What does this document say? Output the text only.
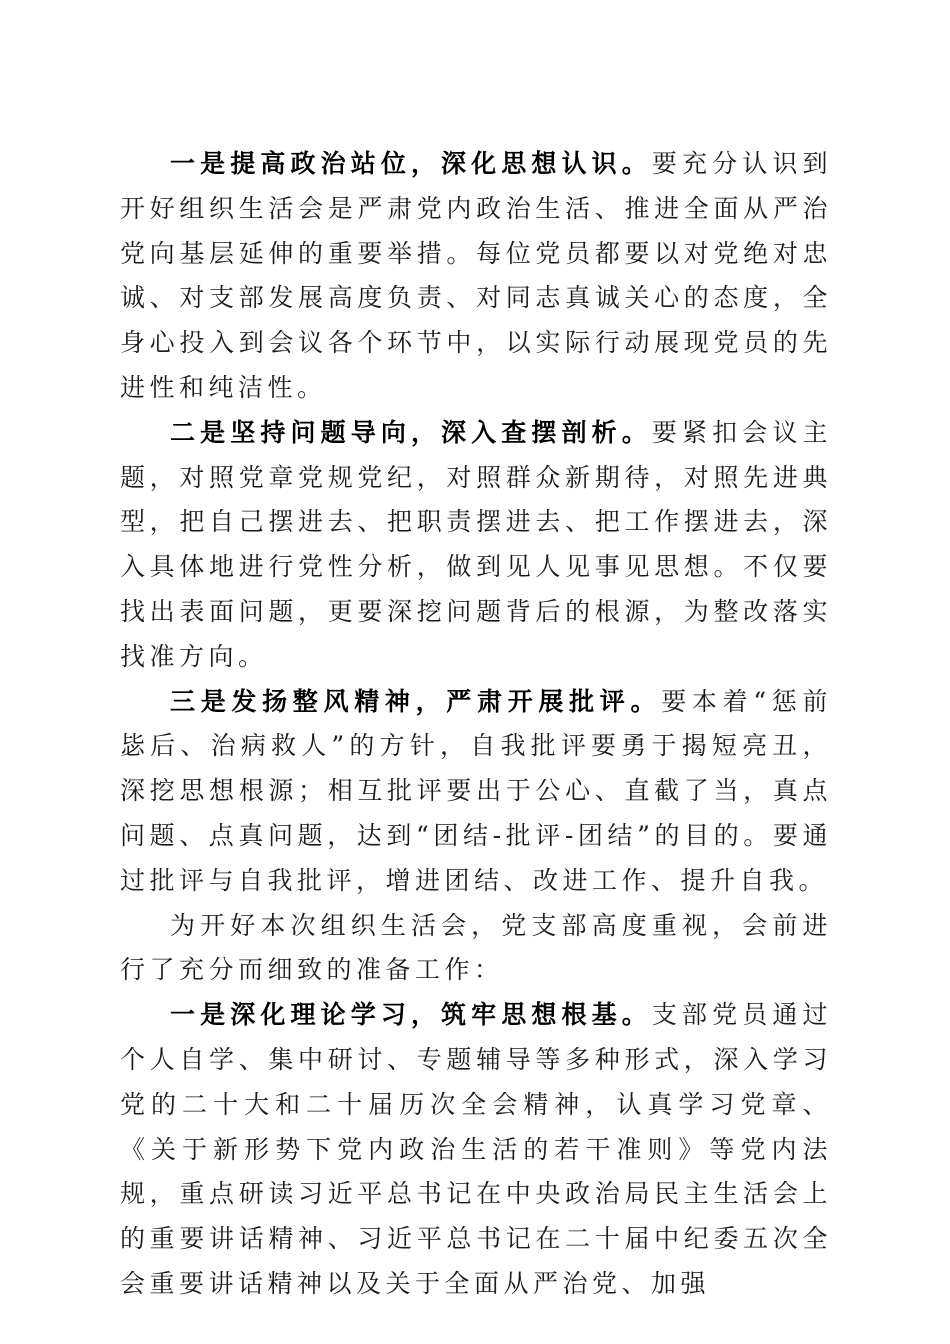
一是提高政治站位，深化思想认识。要充分认识到开好组织生活会是严肃党内政治生活、推进全面从严治党向基层延伸的重要举措。每位党员都要以对党绝对忠诚、对支部发展高度负责、对同志真诚关心的态度，全身心投入到会议各个环节中，以实际行动展现党员的先进性和纯洁性。

二是坚持问题导向，深入查摆剖析。要紧扣会议主题，对照党章党规党纪，对照群众新期待，对照先进典型，把自己摆进去、把职责摆进去、把工作摆进去，深入具体地进行党性分析，做到见人见事见思想。不仅要找出表面问题，更要深挖问题背后的根源，为整改落实找准方向。

三是发扬整风精神，严肃开展批评。要本着“惩前毖后、治病救人”的方针，自我批评要勇于揭短亮丑，深挖思想根源；相互批评要出于公心、直截了当，真点问题、点真问题，达到“团结-批评-团结”的目的。要通过批评与自我批评，增进团结、改进工作、提升自我。

为开好本次组织生活会，党支部高度重视，会前进行了充分而细致的准备工作：

一是深化理论学习，筑牢思想根基。支部党员通过个人自学、集中研讨、专题辅导等多种形式，深入学习党的二十大和二十届历次全会精神，认真学习党章、《关于新形势下党内政治生活的若干准则》等党内法规，重点研读习近平总书记在中央政治局民主生活会上的重要讲话精神、习近平总书记在二十届中纪委五次全会重要讲话精神以及关于全面从严治党、加强
